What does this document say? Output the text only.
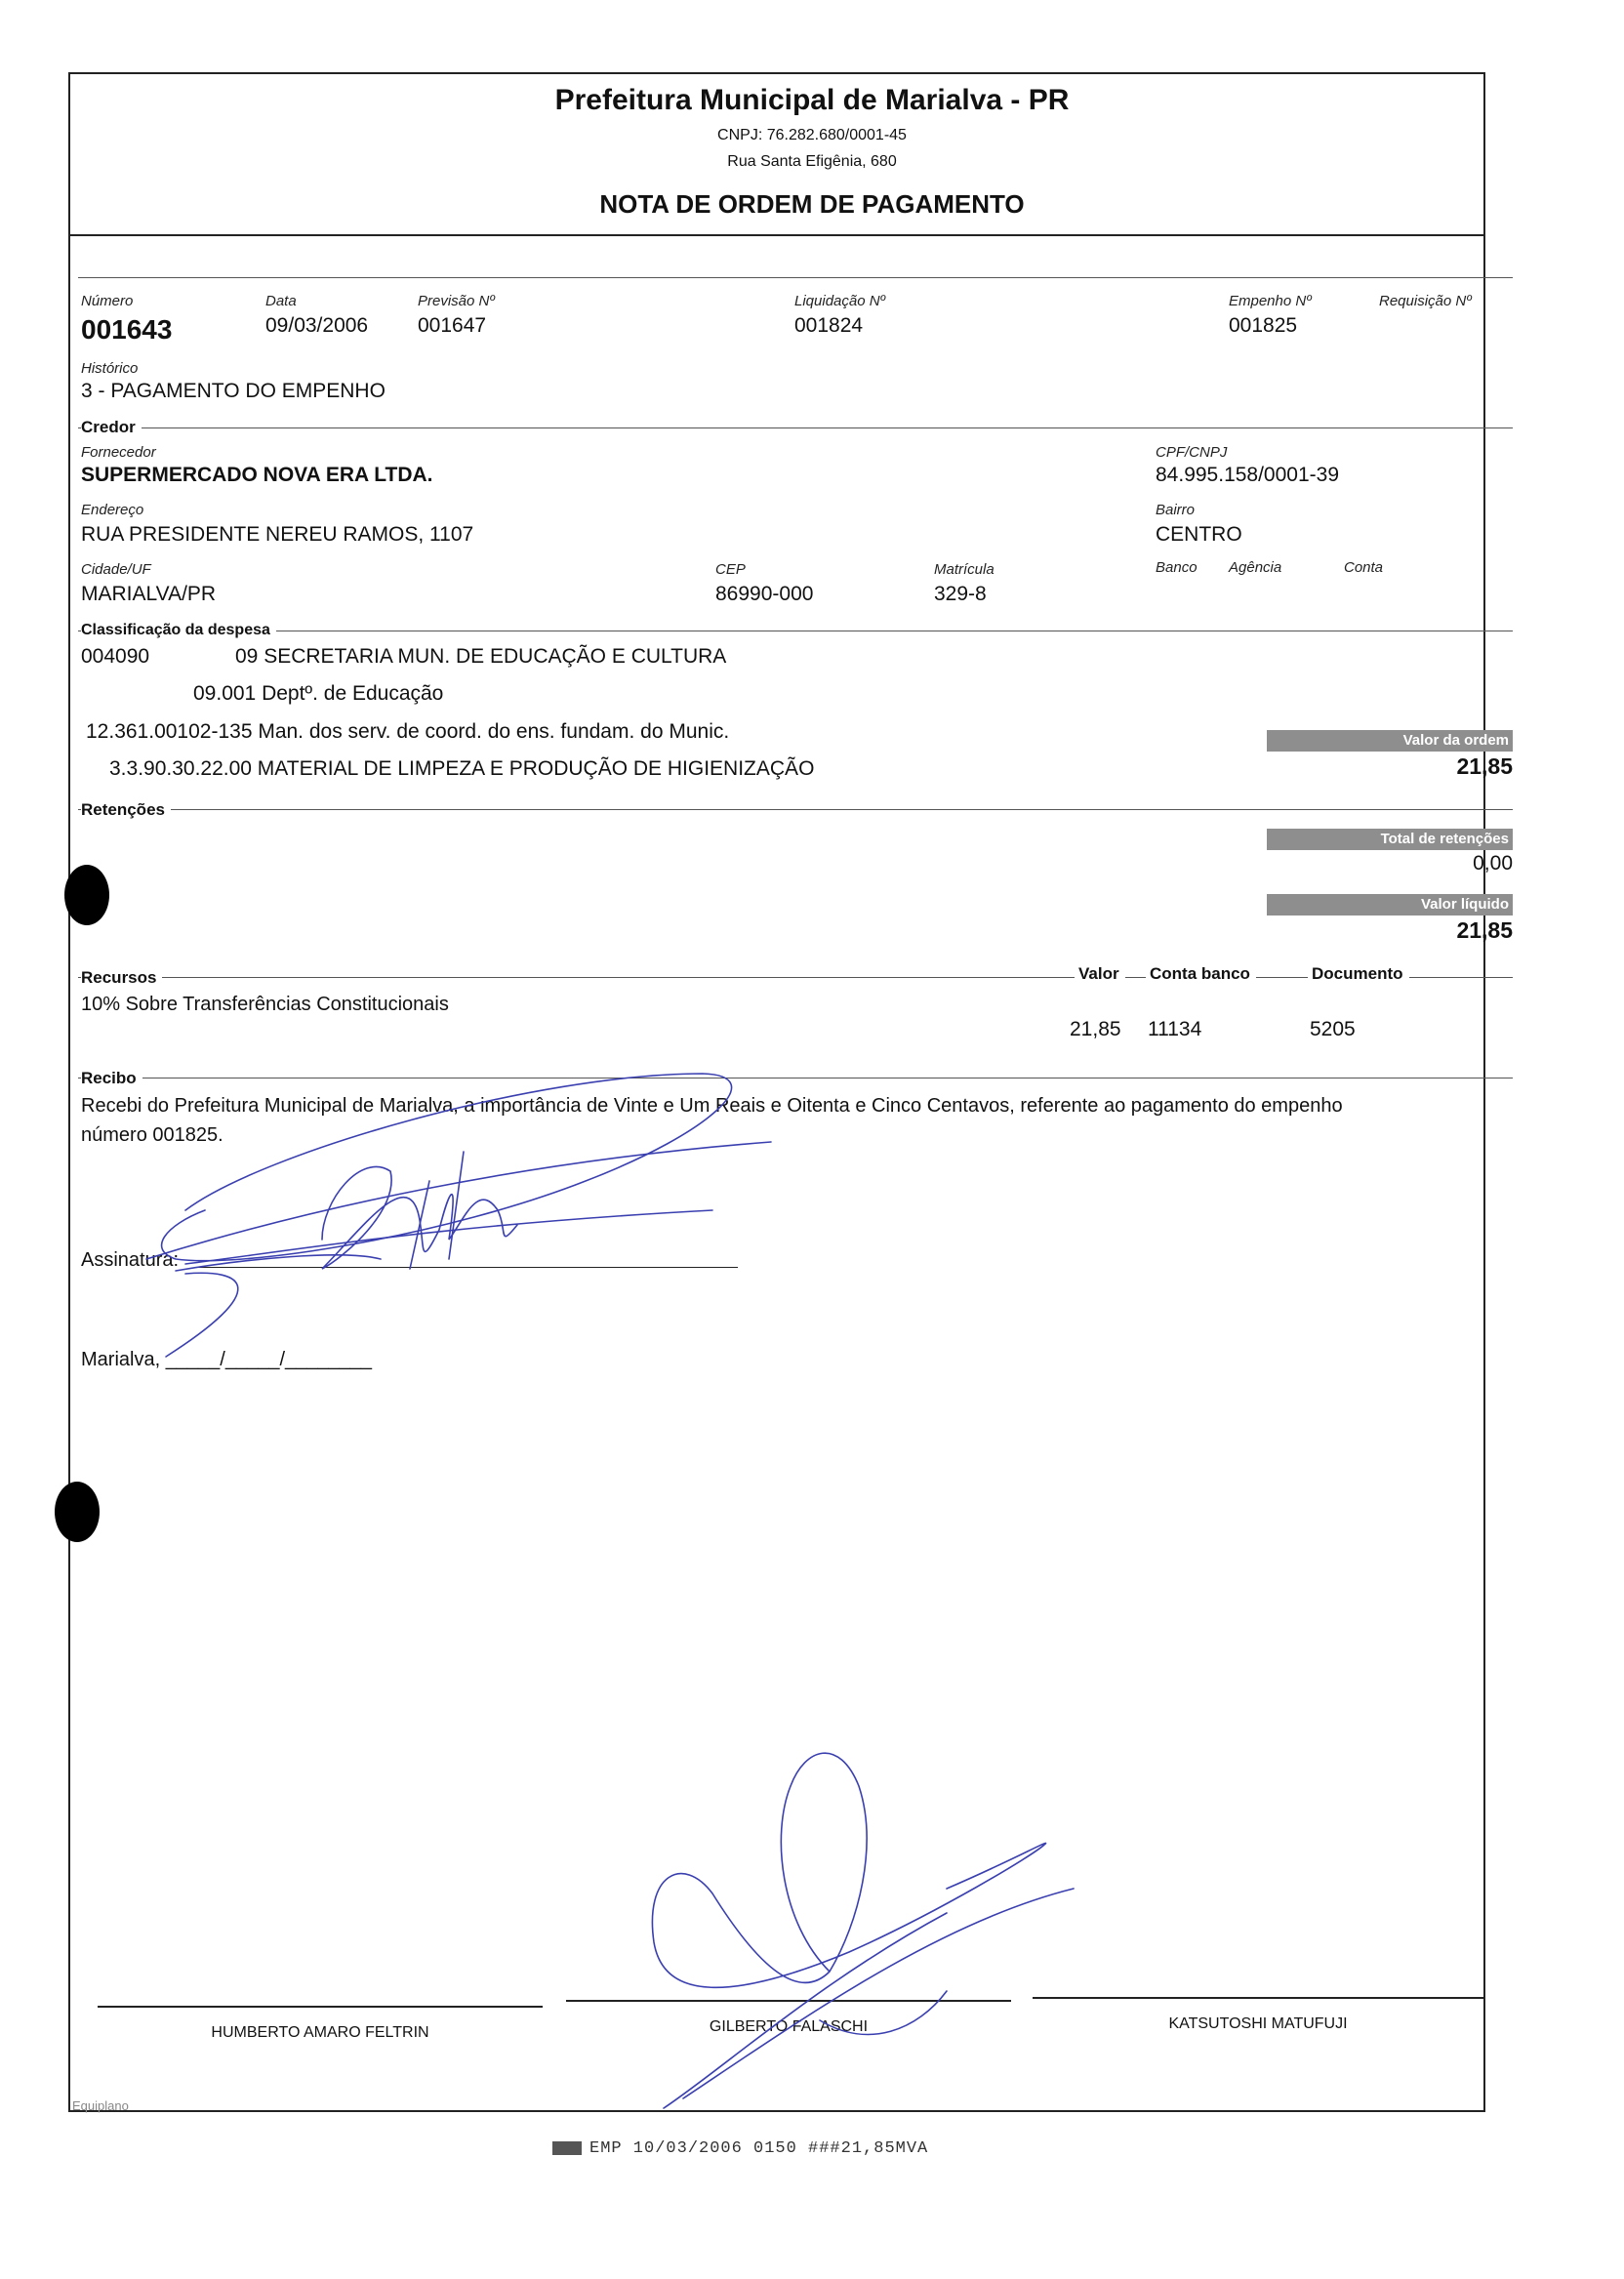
Prefeitura Municipal de Marialva - PR
CNPJ: 76.282.680/0001-45
Rua Santa Efigênia, 680
NOTA DE ORDEM DE PAGAMENTO
Número
001643
Data
09/03/2006
Previsão Nº
001647
Liquidação Nº
001824
Empenho Nº
001825
Requisição Nº
Histórico
3 - PAGAMENTO DO EMPENHO
Credor
Fornecedor
SUPERMERCADO NOVA ERA LTDA.
CPF/CNPJ
84.995.158/0001-39
Endereço
RUA PRESIDENTE NEREU RAMOS, 1107
Bairro
CENTRO
Cidade/UF
MARIALVA/PR
CEP
86990-000
Matrícula
329-8
Banco Agência	Conta
Classificação da despesa
004090	09 SECRETARIA MUN. DE EDUCAÇÃO E CULTURA
09.001 Deptº. de Educação
12.361.00102-135 Man. dos serv. de coord. do ens. fundam. do Munic.
3.3.90.30.22.00 MATERIAL DE LIMPEZA E PRODUÇÃO DE HIGIENIZAÇÃO
Valor da ordem
21,85
Retenções
Total de retenções
0,00
Valor líquido
21,85
Recursos	Valor	Conta banco	Documento
10% Sobre Transferências Constitucionais
21,85 11134	5205
Recibo
Recebi do Prefeitura Municipal de Marialva, a importância de Vinte e Um Reais e Oitenta e Cinco Centavos, referente ao pagamento do empenho
número 001825.
Assinatura:
Marialva, _____/_____/________
HUMBERTO AMARO FELTRIN	GILBERTO FALASCHI	KATSUTOSHI MATUFUJI
Equiplano
EMP 10/03/2006 0150 ###21,85MVA
